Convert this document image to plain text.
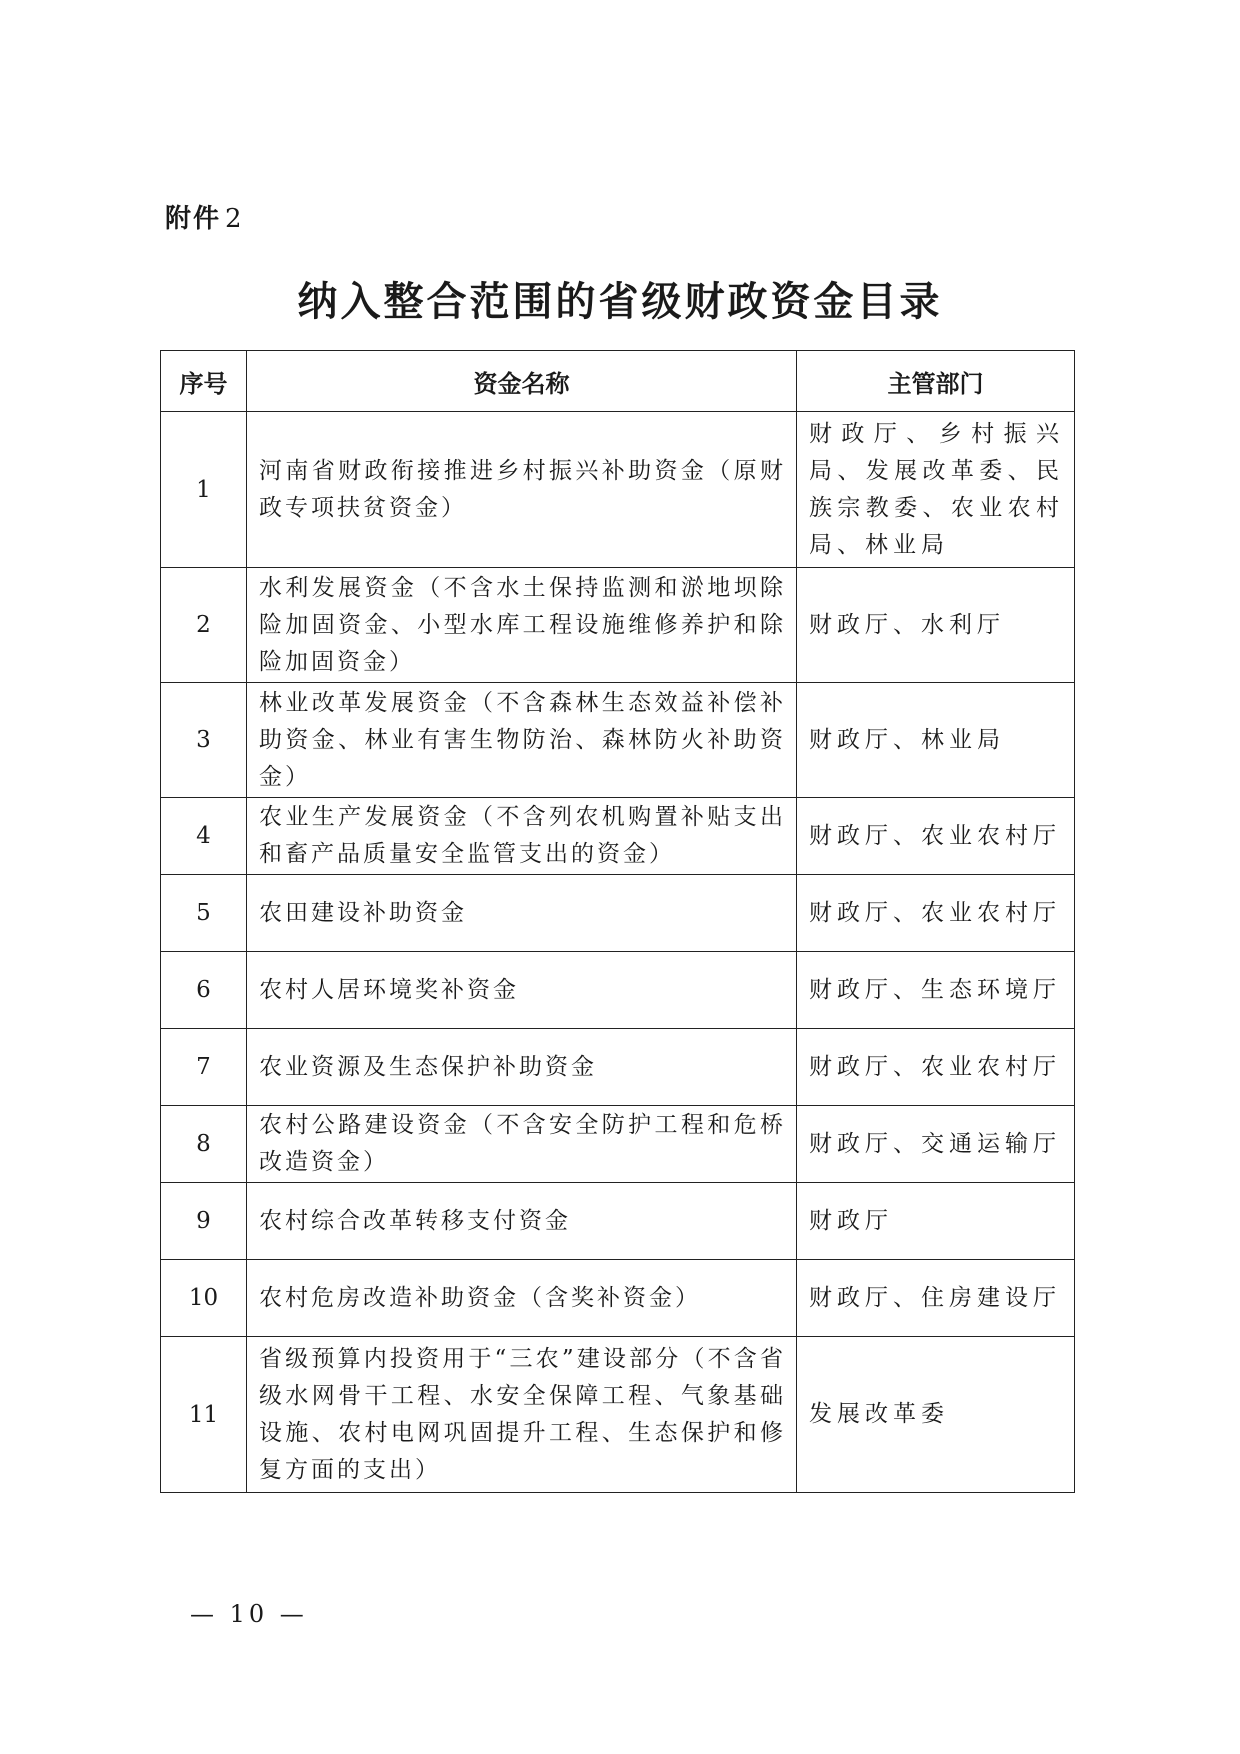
附件 2
纳入整合范围的省级财政资金目录
序号	资金名称	主管部门
1	河南省财政衔接推进乡村振兴补助资金（原财政专项扶贫资金）	财政厅、乡村振兴局、发展改革委、民族宗教委、农业农村局、林业局
2	水利发展资金（不含水土保持监测和淤地坝除险加固资金、小型水库工程设施维修养护和除险加固资金）	财政厅、水利厅
3	林业改革发展资金（不含森林生态效益补偿补助资金、林业有害生物防治、森林防火补助资金）	财政厅、林业局
4	农业生产发展资金（不含列农机购置补贴支出和畜产品质量安全监管支出的资金）	财政厅、农业农村厅
5	农田建设补助资金	财政厅、农业农村厅
6	农村人居环境奖补资金	财政厅、生态环境厅
7	农业资源及生态保护补助资金	财政厅、农业农村厅
8	农村公路建设资金（不含安全防护工程和危桥改造资金）	财政厅、交通运输厅
9	农村综合改革转移支付资金	财政厅
10	农村危房改造补助资金（含奖补资金）	财政厅、住房建设厅
11	省级预算内投资用于“三农”建设部分（不含省级水网骨干工程、水安全保障工程、气象基础设施、农村电网巩固提升工程、生态保护和修复方面的支出）	发展改革委
— 10 —
